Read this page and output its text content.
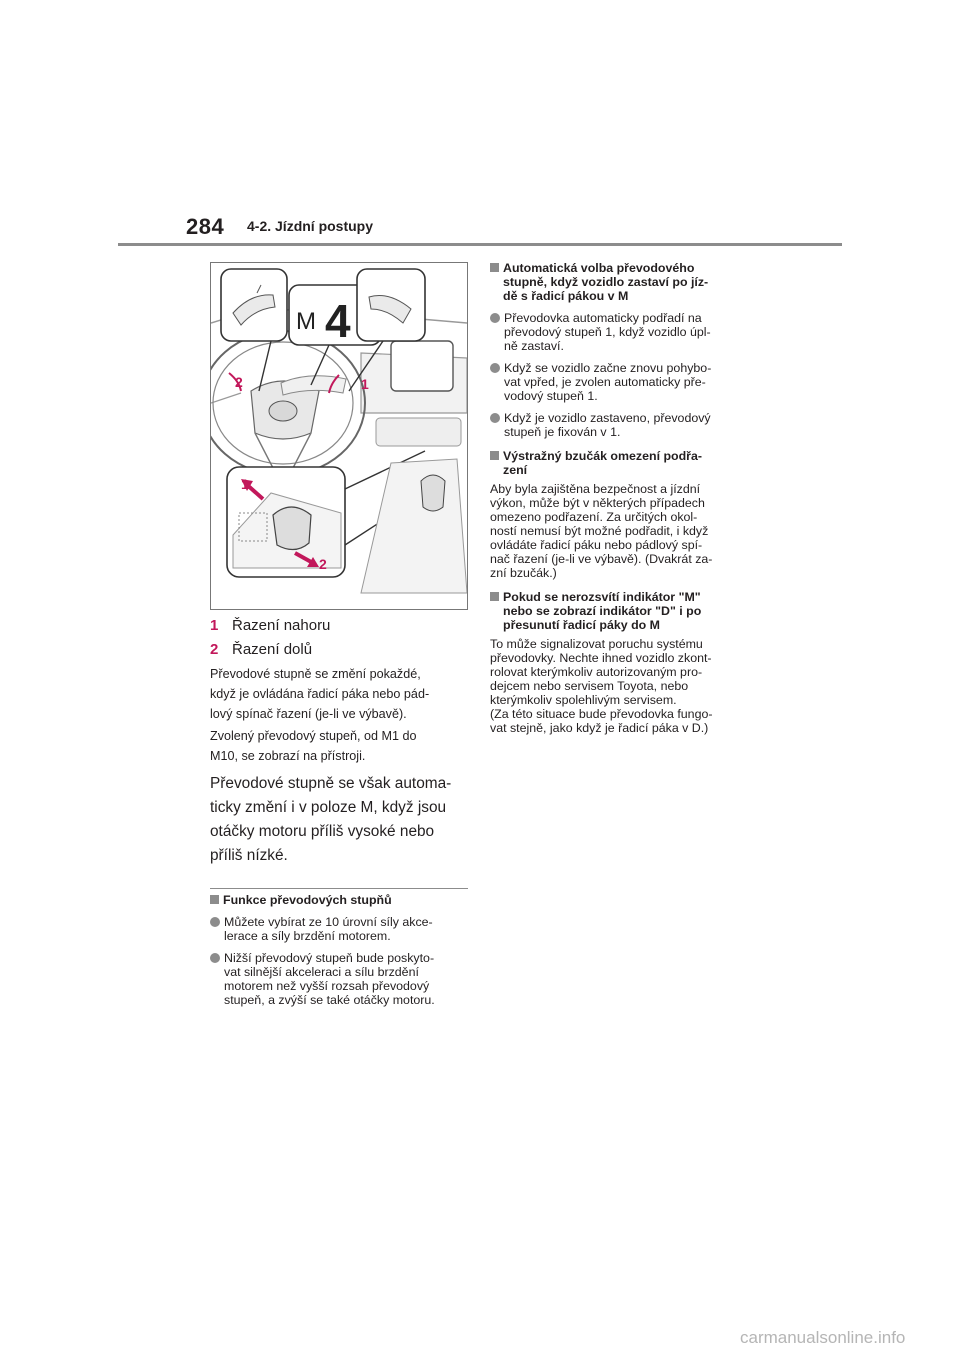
284 4-2. Jízdní postupy
M 4
2	1
1
2
1 Řazení nahoru
2 Řazení dolů
Převodové stupně se změní pokaždé,
když je ovládána řadicí páka nebo pád-
lový spínač řazení (je-li ve výbavě).
Zvolený převodový stupeň, od M1 do
M10, se zobrazí na přístroji.
Převodové stupně se však automa-
ticky změní i v poloze M, když jsou
otáčky motoru příliš vysoké nebo
příliš nízké.
Funkce převodových stupňů
Můžete vybírat ze 10 úrovní síly akce-
lerace a síly brzdění motorem.
Nižší převodový stupeň bude poskyto-
vat silnější akceleraci a sílu brzdění
motorem než vyšší rozsah převodový
stupeň, a zvýší se také otáčky motoru.
Automatická volba převodového
stupně, když vozidlo zastaví po jíz-
dě s řadicí pákou v M
Převodovka automaticky podřadí na
převodový stupeň 1, když vozidlo úpl-
ně zastaví.
Když se vozidlo začne znovu pohybo-
vat vpřed, je zvolen automaticky pře-
vodový stupeň 1.
Když je vozidlo zastaveno, převodový
stupeň je fixován v 1.
Výstražný bzučák omezení podřa-
zení
Aby byla zajištěna bezpečnost a jízdní
výkon, může být v některých případech
omezeno podřazení. Za určitých okol-
ností nemusí být možné podřadit, i když
ovládáte řadicí páku nebo pádlový spí-
nač řazení (je-li ve výbavě). (Dvakrát za-
zní bzučák.)
Pokud se nerozsvítí indikátor "M"
nebo se zobrazí indikátor "D" i po
přesunutí řadicí páky do M
To může signalizovat poruchu systému
převodovky. Nechte ihned vozidlo zkont-
rolovat kterýmkoliv autorizovaným pro-
dejcem nebo servisem Toyota, nebo
kterýmkoliv spolehlivým servisem.
(Za této situace bude převodovka fungo-
vat stejně, jako když je řadicí páka v D.)
carmanualsonline.info
